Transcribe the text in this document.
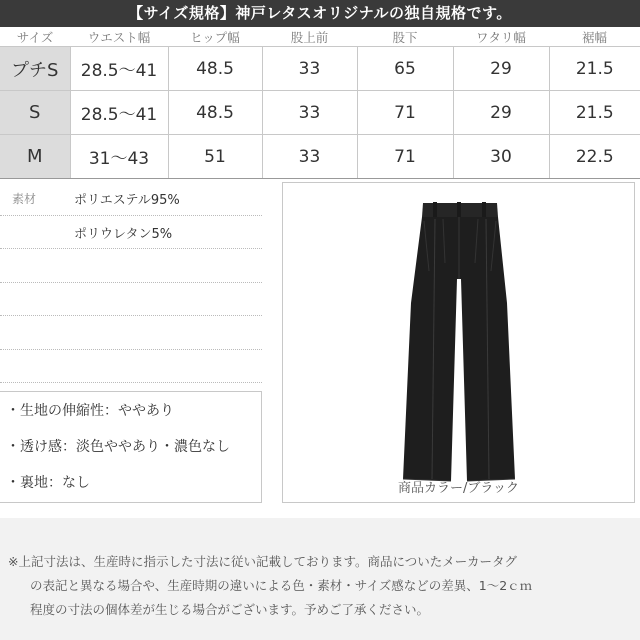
【サイズ規格】神戸レタスオリジナルの独自規格です。
サイズ	ウエスト幅	ヒップ幅	股上前	股下	ワタリ幅	裾幅
プチS	28.5〜41	48.5	33	65	29	21.5
S	28.5〜41	48.5	33	71	29	21.5
M	31〜43	51	33	71	30	22.5
素材	ポリエステル95%
ポリウレタン5%
・生地の伸縮性：ややあり
・透け感：淡色ややあり・濃色なし
・裏地：なし	商品カラー/ブラック

※上記寸法は、生産時に指示した寸法に従い記載しております。商品についたメーカータグ

の表記と異なる場合や、生産時期の違いによる色・素材・サイズ感などの差異、1〜2ｃｍ

程度の寸法の個体差が生じる場合がございます。予めご了承ください。
